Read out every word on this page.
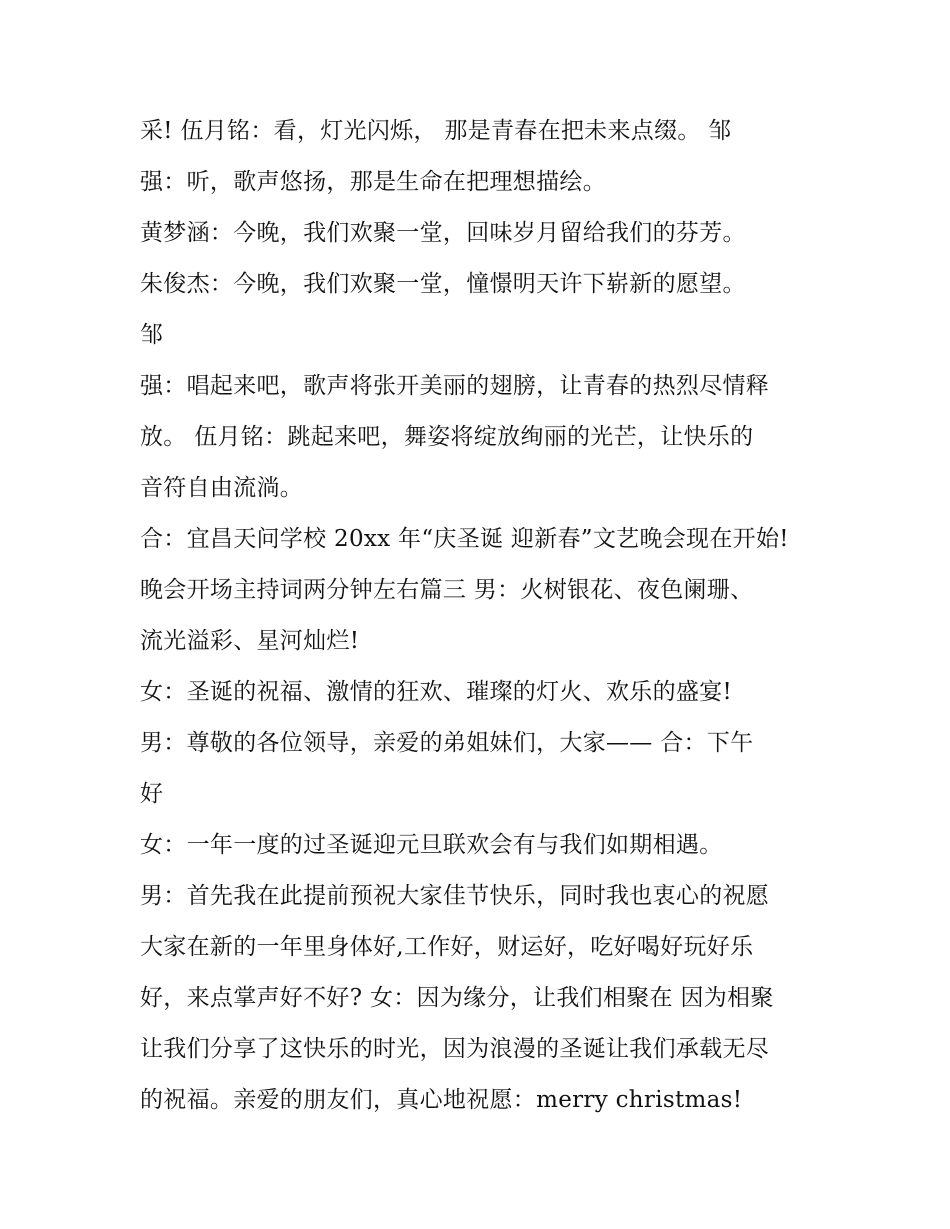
采! 伍月铭：看，灯光闪烁， 那是青春在把未来点缀。 邹
强：听，歌声悠扬，那是生命在把理想描绘。
黄梦涵：今晚，我们欢聚一堂，回味岁月留给我们的芬芳。
朱俊杰：今晚，我们欢聚一堂，憧憬明天许下崭新的愿望。
邹
强：唱起来吧，歌声将张开美丽的翅膀，让青春的热烈尽情释
放。 伍月铭：跳起来吧，舞姿将绽放绚丽的光芒，让快乐的
音符自由流淌。
合：宜昌天问学校 20xx 年“庆圣诞 迎新春”文艺晚会现在开始!
晚会开场主持词两分钟左右篇三 男：火树银花、夜色阑珊、
流光溢彩、星河灿烂!
女：圣诞的祝福、激情的狂欢、璀璨的灯火、欢乐的盛宴!
男：尊敬的各位领导，亲爱的弟姐妹们，大家—— 合：下午
好
女：一年一度的过圣诞迎元旦联欢会有与我们如期相遇。
男：首先我在此提前预祝大家佳节快乐，同时我也衷心的祝愿
大家在新的一年里身体好,工作好，财运好，吃好喝好玩好乐
好，来点掌声好不好? 女：因为缘分，让我们相聚在 因为相聚
让我们分享了这快乐的时光，因为浪漫的圣诞让我们承载无尽
的祝福。亲爱的朋友们，真心地祝愿：merry christmas!
